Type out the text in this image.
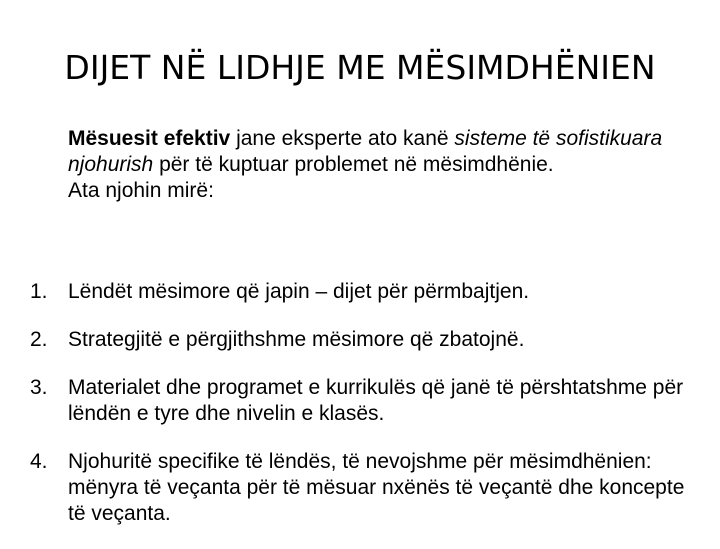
DIJET NË LIDHJE ME MËSIMDHËNIEN

Mësuesit efektiv jane eksperte ato kanë sisteme të sofistikuara njohurish për të kuptuar problemet në mësimdhënie.
Ata njohin mirë:

1. Lëndët mësimore që japin – dijet për përmbajtjen.
2. Strategjitë e përgjithshme mësimore që zbatojnë.
3. Materialet dhe programet e kurrikulës që janë të përshtatshme për lëndën e tyre dhe nivelin e klasës.
4. Njohuritë specifike të lëndës, të nevojshme për mësimdhënien: mënyra të veçanta për të mësuar nxënës të veçantë dhe koncepte të veçanta.
